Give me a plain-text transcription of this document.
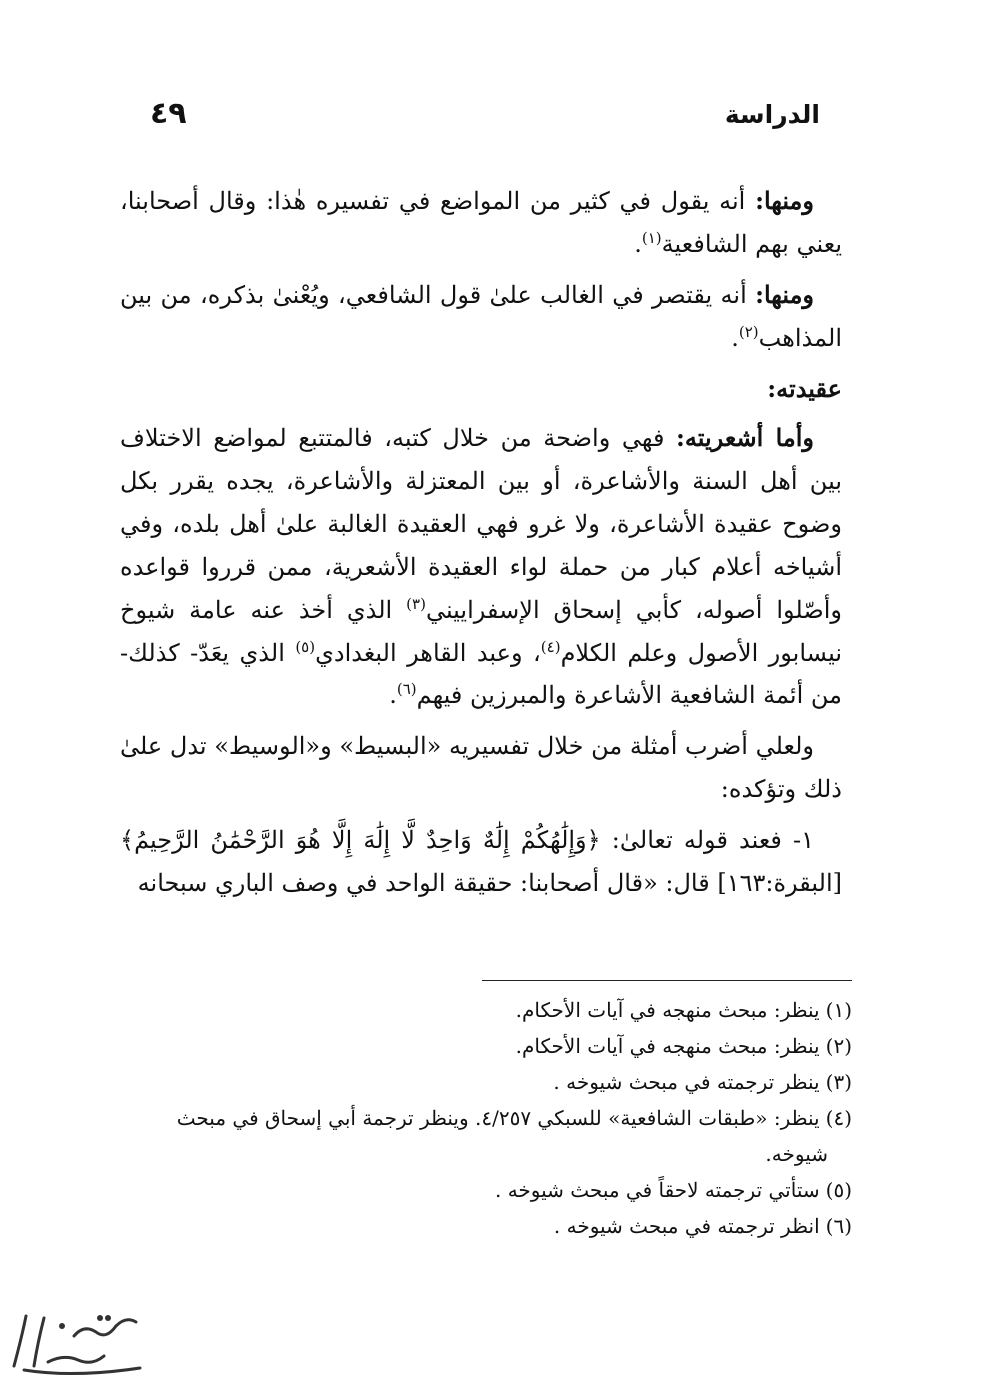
٤٩	الدراسة

ومنها: أنه يقول في كثير من المواضع في تفسيره هٰذا: وقال أصحابنا، يعني بهم الشافعية$^{(١)}$.

ومنها: أنه يقتصر في الغالب علىٰ قول الشافعي، ويُعْنىٰ بذكره، من بين المذاهب$^{(٢)}$.

عقيدته:

وأما أشعريته: فهي واضحة من خلال كتبه، فالمتتبع لمواضع الاختلاف بين أهل السنة والأشاعرة، أو بين المعتزلة والأشاعرة، يجده يقرر بكل وضوح عقيدة الأشاعرة، ولا غرو فهي العقيدة الغالبة علىٰ أهل بلده، وفي أشياخه أعلام كبار من حملة لواء العقيدة الأشعرية، ممن قرروا قواعده وأصّلوا أصوله، كأبي إسحاق الإسفراييني$^{(٣)}$ الذي أخذ عنه عامة شيوخ نيسابور الأصول وعلم الكلام$^{(٤)}$، وعبد القاهر البغدادي$^{(٥)}$ الذي يعَدّ- كذلك- من أئمة الشافعية الأشاعرة والمبرزين فيهم$^{(٦)}$.

ولعلي أضرب أمثلة من خلال تفسيريه «البسيط» و«الوسيط» تدل علىٰ ذلك وتؤكده:

١- فعند قوله تعالىٰ: ﴿وَإِلَٰهُكُمْ إِلَٰهٌ وَاحِدٌ لَّا إِلَٰهَ إِلَّا هُوَ الرَّحْمَٰنُ الرَّحِيمُ﴾ [البقرة:١٦٣] قال: «قال أصحابنا: حقيقة الواحد في وصف الباري سبحانه

(١)ينظر: مبحث منهجه في آيات الأحكام.

(٢)ينظر: مبحث منهجه في آيات الأحكام.

(٣)ينظر ترجمته في مبحث شيوخه .

(٤)ينظر: «طبقات الشافعية» للسبكي ٤/٢٥٧. وينظر ترجمة أبي إسحاق في مبحث
شيوخه.

(٥)ستأتي ترجمته لاحقاً في مبحث شيوخه .

(٦)انظر ترجمته في مبحث شيوخه .
